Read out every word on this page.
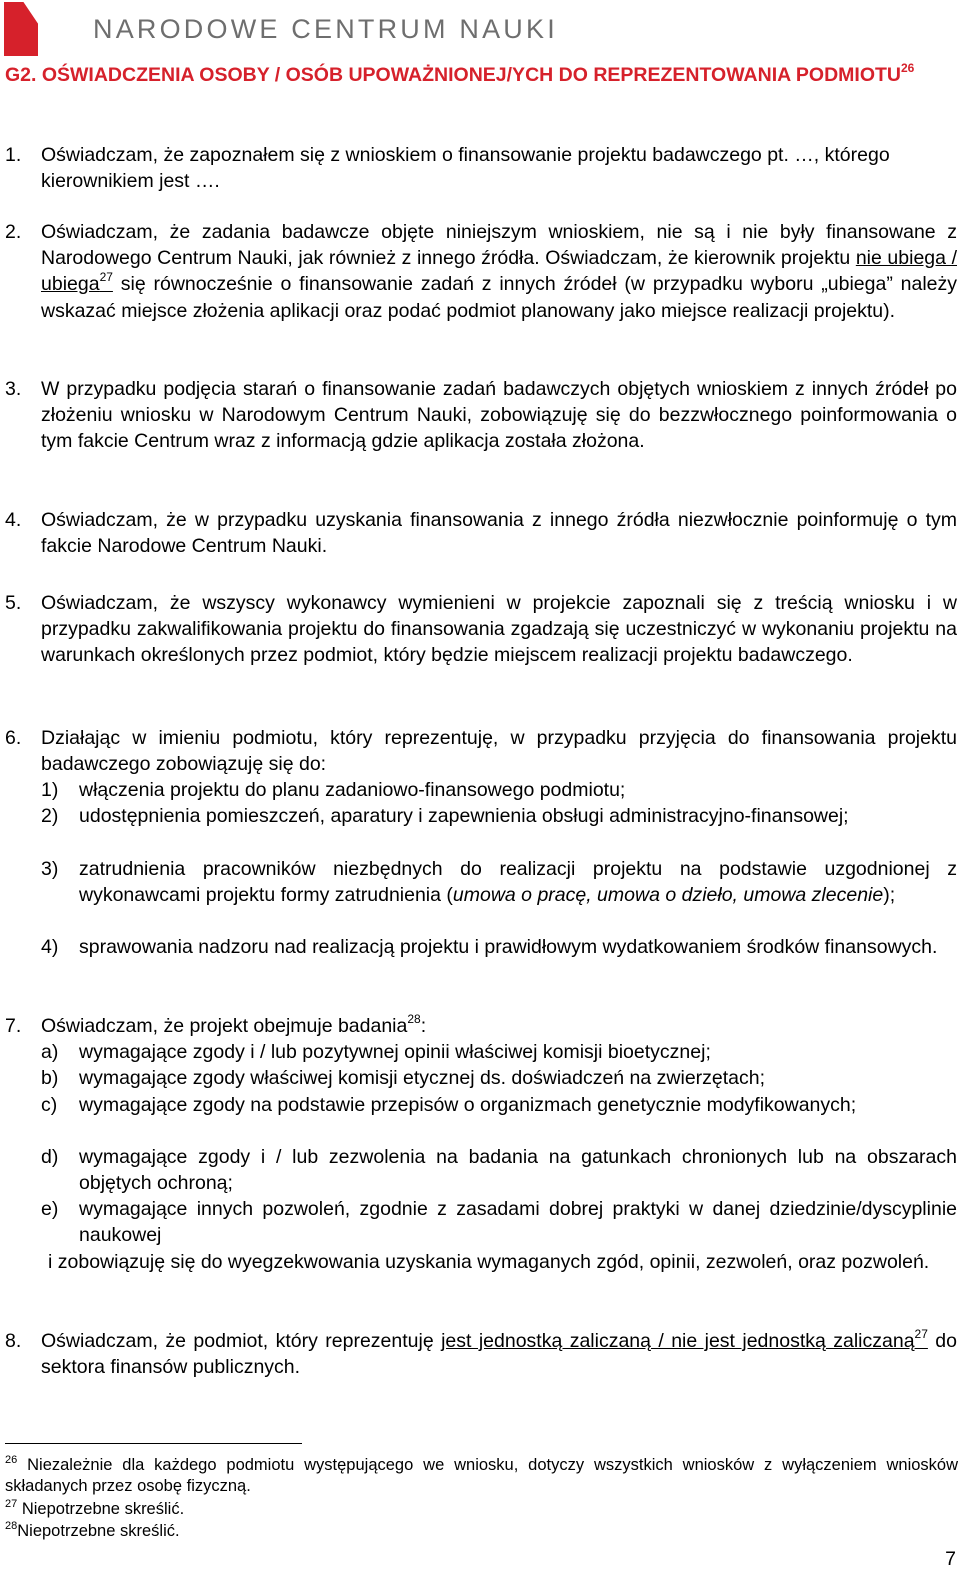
NARODOWE CENTRUM NAUKI
G2. OŚWIADCZENIA OSOBY / OSÓB UPOWAŻNIONEJ/YCH DO REPREZENTOWANIA PODMIOTU$^{26}$
1. Oświadczam, że zapoznałem się z wnioskiem o finansowanie projektu badawczego pt. …, którego kierownikiem jest ….
2. Oświadczam, że zadania badawcze objęte niniejszym wnioskiem, nie są i nie były finansowane z Narodowego Centrum Nauki, jak również z innego źródła. Oświadczam, że kierownik projektu nie ubiega / ubiega$^{27}$ się równocześnie o finansowanie zadań z innych źródeł (w przypadku wyboru „ubiega” należy wskazać miejsce złożenia aplikacji oraz podać podmiot planowany jako miejsce realizacji projektu).
3. W przypadku podjęcia starań o finansowanie zadań badawczych objętych wnioskiem z innych źródeł po złożeniu wniosku w Narodowym Centrum Nauki, zobowiązuję się do bezzwłocznego poinformowania o tym fakcie Centrum wraz z informacją gdzie aplikacja została złożona.
4. Oświadczam, że w przypadku uzyskania finansowania z innego źródła niezwłocznie poinformuję o tym fakcie Narodowe Centrum Nauki.
5. Oświadczam, że wszyscy wykonawcy wymienieni w projekcie zapoznali się z treścią wniosku i w przypadku zakwalifikowania projektu do finansowania zgadzają się uczestniczyć w wykonaniu projektu na warunkach określonych przez podmiot, który będzie miejscem realizacji projektu badawczego.
6. Działając w imieniu podmiotu, który reprezentuję, w przypadku przyjęcia do finansowania projektu badawczego zobowiązuję się do:
1) włączenia projektu do planu zadaniowo-finansowego podmiotu;
2) udostępnienia pomieszczeń, aparatury i zapewnienia obsługi administracyjno-finansowej;
3) zatrudnienia pracowników niezbędnych do realizacji projektu na podstawie uzgodnionej z wykonawcami projektu formy zatrudnienia (umowa o pracę, umowa o dzieło, umowa zlecenie);
4) sprawowania nadzoru nad realizacją projektu i prawidłowym wydatkowaniem środków finansowych.
7. Oświadczam, że projekt obejmuje badania$^{28}$:
a) wymagające zgody i / lub pozytywnej opinii właściwej komisji bioetycznej;
b) wymagające zgody właściwej komisji etycznej ds. doświadczeń na zwierzętach;
c) wymagające zgody na podstawie przepisów o organizmach genetycznie modyfikowanych;
d) wymagające zgody i / lub zezwolenia na badania na gatunkach chronionych lub na obszarach objętych ochroną;
e) wymagające innych pozwoleń, zgodnie z zasadami dobrej praktyki w danej dziedzinie/dyscyplinie naukowej
i zobowiązuję się do wyegzekwowania uzyskania wymaganych zgód, opinii, zezwoleń, oraz pozwoleń.
8. Oświadczam, że podmiot, który reprezentuję jest jednostką zaliczaną / nie jest jednostką zaliczaną$^{27}$ do sektora finansów publicznych.
$^{26}$ Niezależnie dla każdego podmiotu występującego we wniosku, dotyczy wszystkich wniosków z wyłączeniem wniosków składanych przez osobę fizyczną.
$^{27}$ Niepotrzebne skreślić.
$^{28}$Niepotrzebne skreślić.
7
